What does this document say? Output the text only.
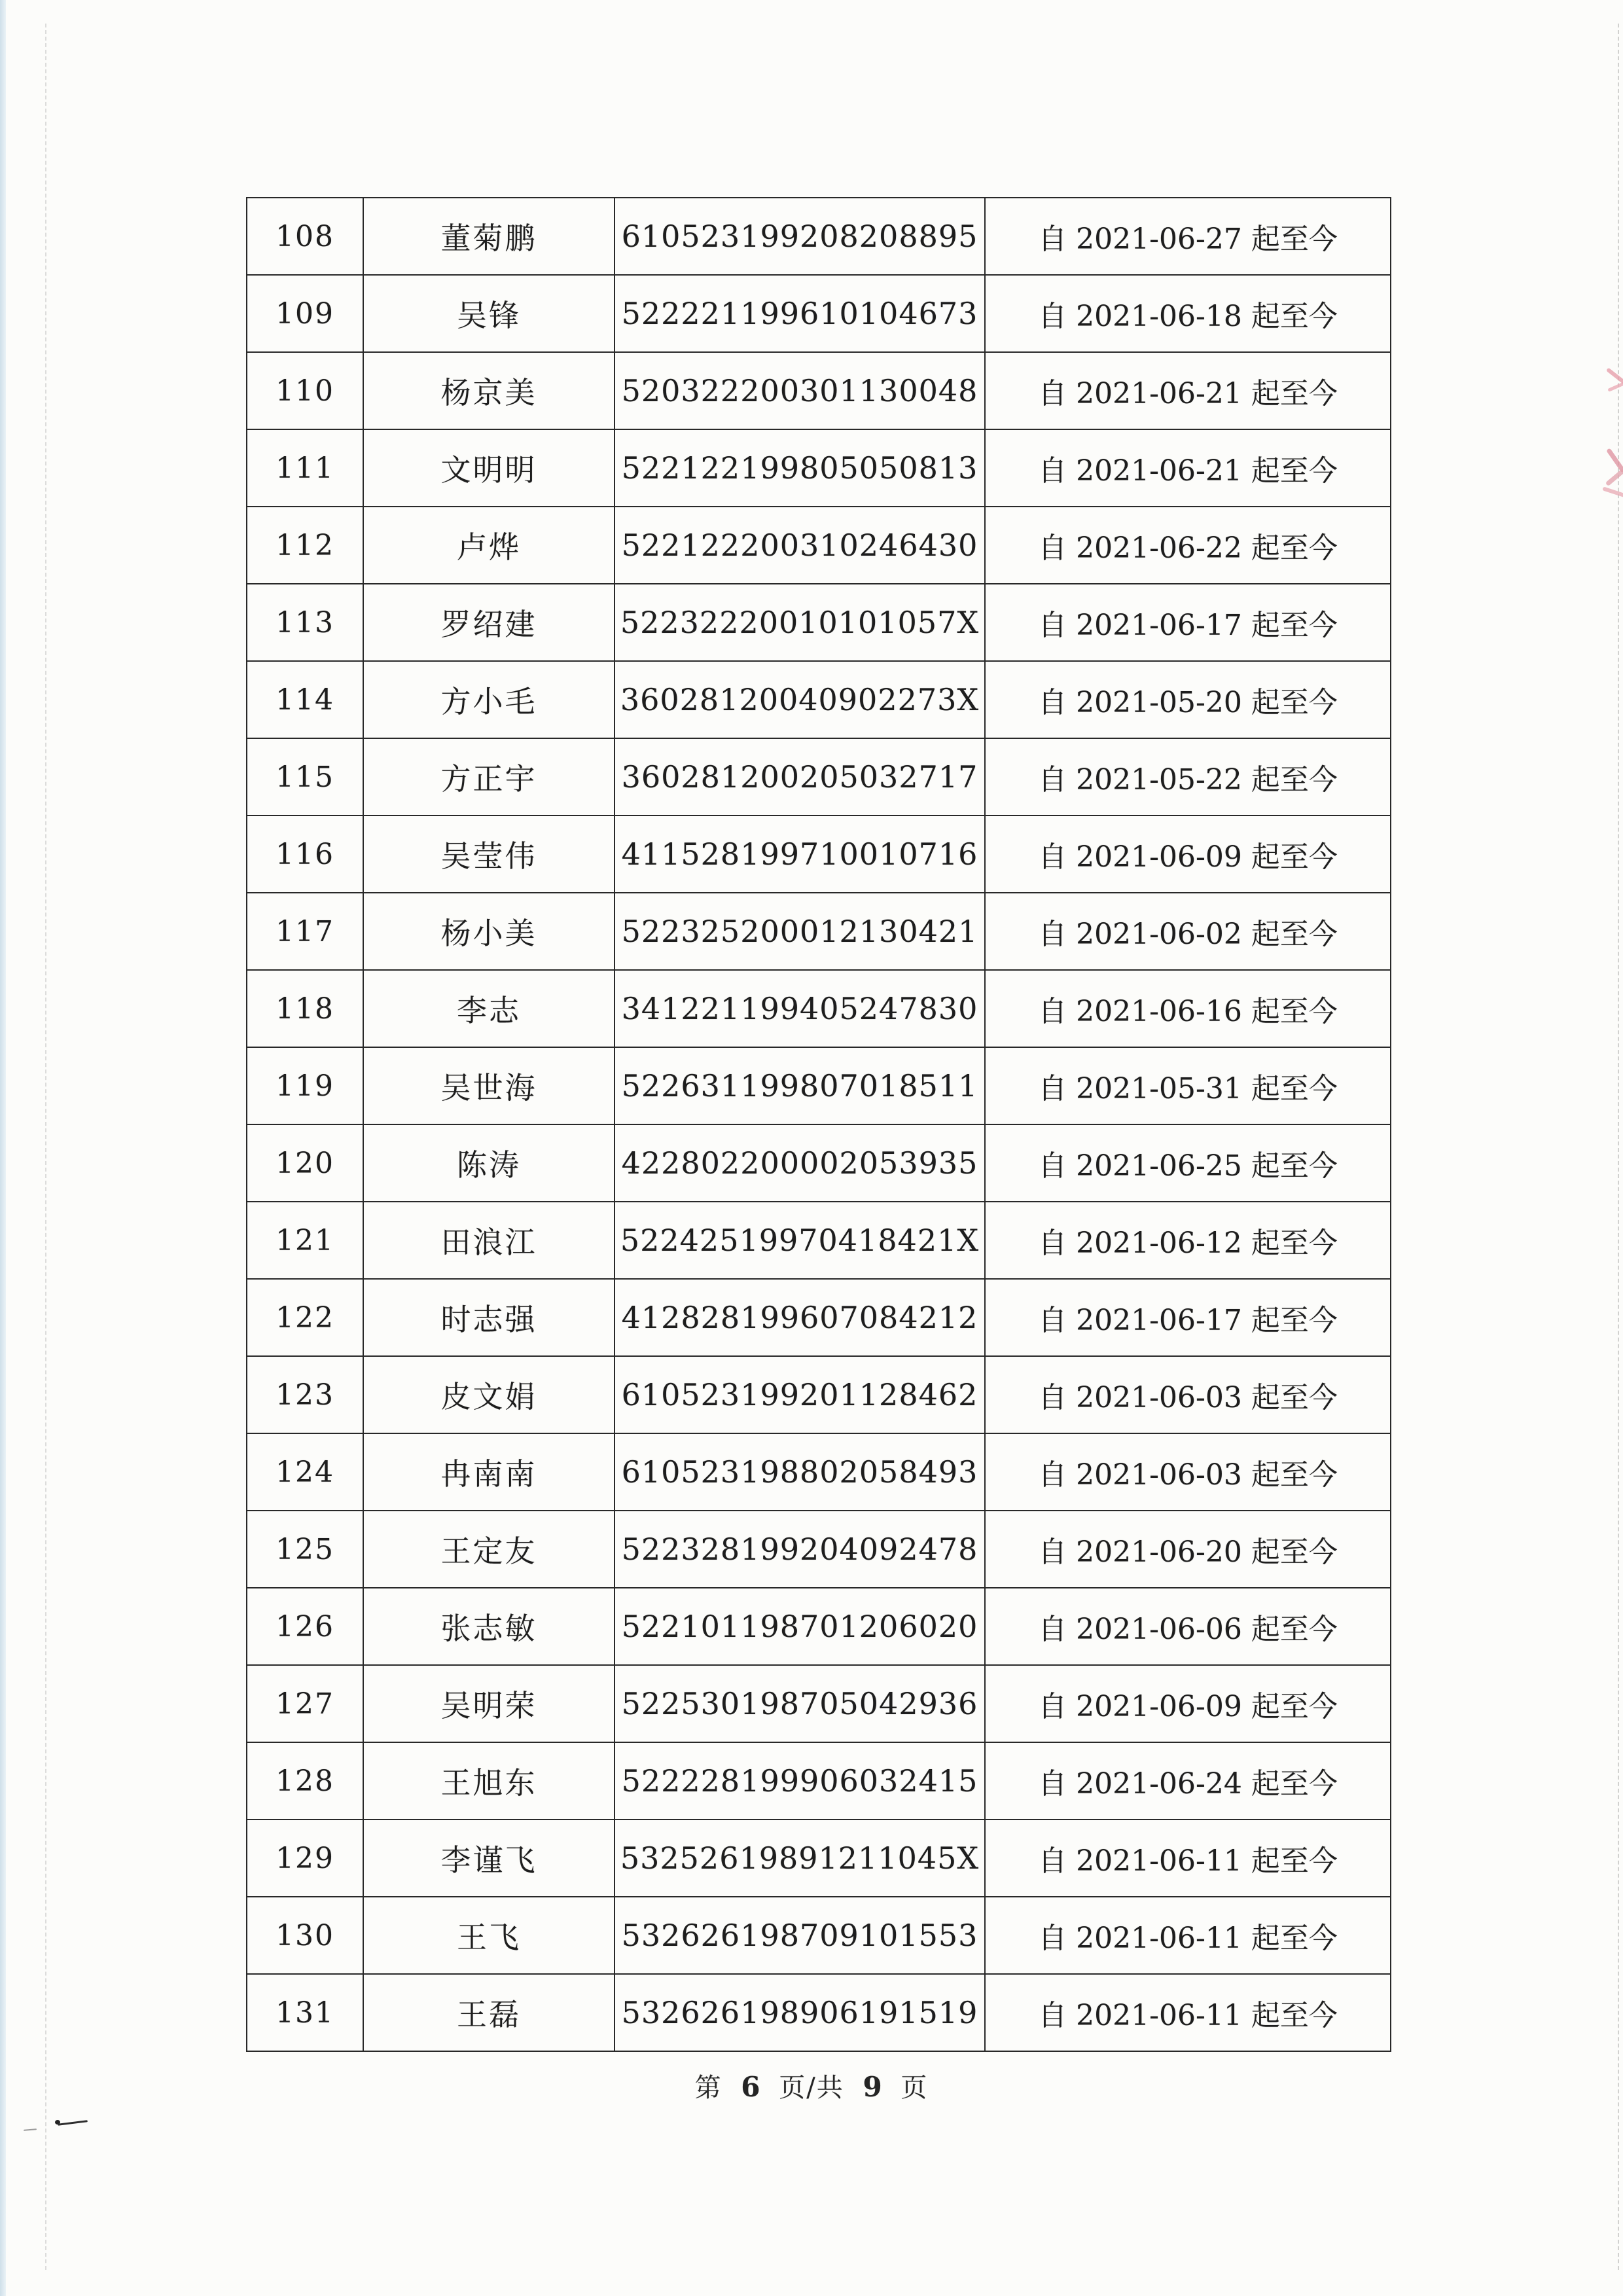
108	董菊鹏	610523199208208895	自 2021-06-27 起至今
109	吴锋	522221199610104673	自 2021-06-18 起至今
110	杨京美	520322200301130048	自 2021-06-21 起至今
111	文明明	522122199805050813	自 2021-06-21 起至今
112	卢烨	522122200310246430	自 2021-06-22 起至今
113	罗绍建	52232220010101057X	自 2021-06-17 起至今
114	方小毛	36028120040902273X	自 2021-05-20 起至今
115	方正宇	360281200205032717	自 2021-05-22 起至今
116	吴莹伟	411528199710010716	自 2021-06-09 起至今
117	杨小美	522325200012130421	自 2021-06-02 起至今
118	李志	341221199405247830	自 2021-06-16 起至今
119	吴世海	522631199807018511	自 2021-05-31 起至今
120	陈涛	422802200002053935	自 2021-06-25 起至今
121	田浪江	52242519970418421X	自 2021-06-12 起至今
122	时志强	412828199607084212	自 2021-06-17 起至今
123	皮文娟	610523199201128462	自 2021-06-03 起至今
124	冉南南	610523198802058493	自 2021-06-03 起至今
125	王定友	522328199204092478	自 2021-06-20 起至今
126	张志敏	522101198701206020	自 2021-06-06 起至今
127	吴明荣	522530198705042936	自 2021-06-09 起至今
128	王旭东	522228199906032415	自 2021-06-24 起至今
129	李谨飞	53252619891211045X	自 2021-06-11 起至今
130	王飞	532626198709101553	自 2021-06-11 起至今
131	王磊	532626198906191519	自 2021-06-11 起至今
第 6 页/共 9 页
